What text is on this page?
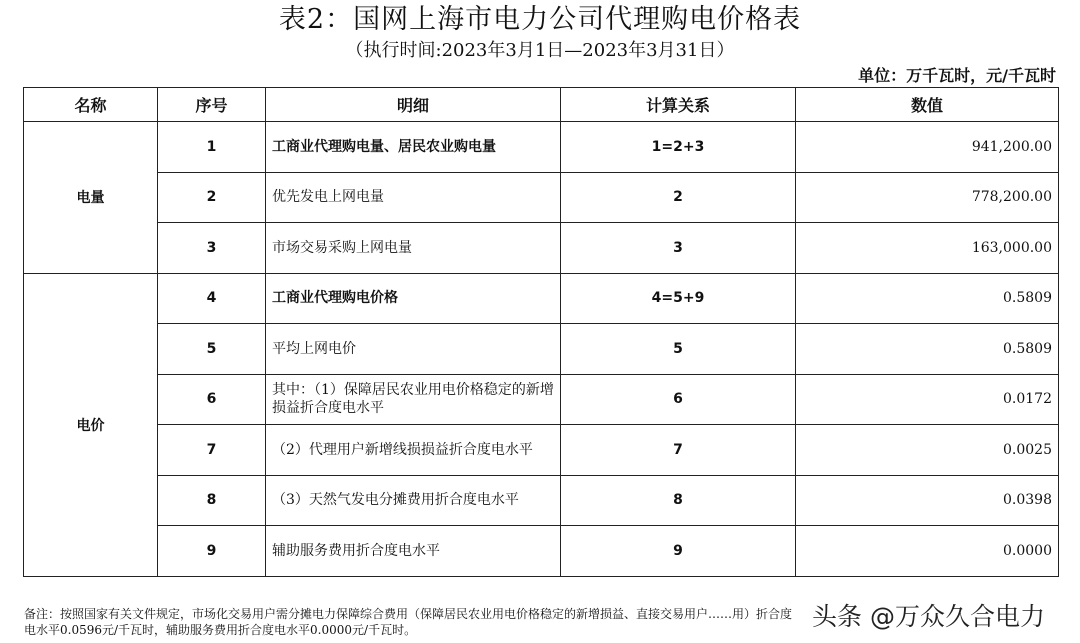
表2：国网上海市电力公司代理购电价格表
（执行时间:2023年3月1日—2023年3月31日）
单位：万千瓦时，元/千瓦时
名称	序号	明细	计算关系	数值
电量	1	工商业代理购电量、居民农业购电量	1=2+3	941,200.00
	2	优先发电上网电量	2	778,200.00
	3	市场交易采购上网电量	3	163,000.00
电价	4	工商业代理购电价格	4=5+9	0.5809
	5	平均上网电价	5	0.5809
	6	其中：（1）保障居民农业用电价格稳定的新增损益折合度电水平	6	0.0172
	7	（2）代理用户新增线损损益折合度电水平	7	0.0025
	8	（3）天然气发电分摊费用折合度电水平	8	0.0398
	9	辅助服务费用折合度电水平	9	0.0000
备注：按照国家有关文件规定，市场化交易用户需分摊电力保障综合费用（保障居民农业用电价格稳定的新增损益、直接交易用户……用）折合度电水平0.0596元/千瓦时，辅助服务费用折合度电水平0.0000元/千瓦时。	头条 @万众久合电力
